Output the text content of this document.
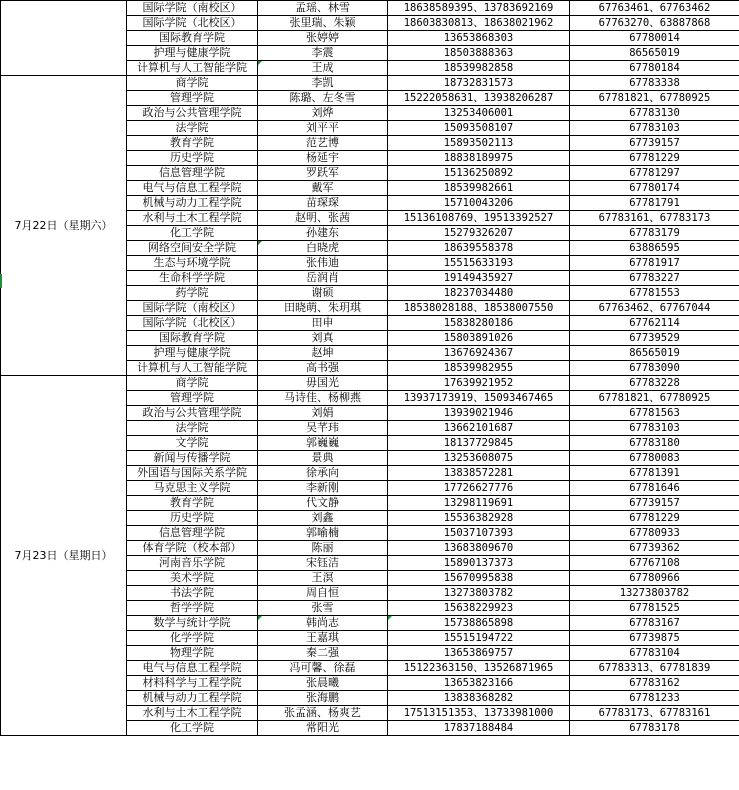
	国际学院（南校区）	孟瑶、林雪	18638589395、13783692169	67763461、67763462
	国际学院（北校区）	张里瑞、朱颖	18603830813、18638021962	67763270、63887868
	国际教育学院	张婷婷	13653868303	67780014
	护理与健康学院	李震	18503888363	86565019
	计算机与人工智能学院	王成	18539982858	67780184
7月22日（星期六）	商学院	李凯	18732831573	67783338
	管理学院	陈璐、左冬雪	15222058631、13938206287	67781821、67780925
	政治与公共管理学院	刘烨	13253406001	67783130
	法学院	刘平平	15093508107	67783103
	教育学院	范艺博	15893502113	67739157
	历史学院	杨延宇	18838189975	67781229
	信息管理学院	罗跃军	15136250892	67781297
	电气与信息工程学院	戴军	18539982661	67780174
	机械与动力工程学院	苗琛琛	15710043206	67781791
	水利与土木工程学院	赵明、张茜	15136108769、19513392527	67783161、67783173
	化工学院	孙建东	15279326207	67783179
	网络空间安全学院	白晓虎	18639558378	63886595
	生态与环境学院	张伟迪	15515633193	67781917
	生命科学学院	岳润肖	19149435927	67783227
	药学院	谢硕	18237034480	67781553
	国际学院（南校区）	田晓萌、朱玥琪	18538028188、18538007550	67763462、67767044
	国际学院（北校区）	田申	15838280186	67762114
	国际教育学院	刘真	15803891026	67739529
	护理与健康学院	赵坤	13676924367	86565019
	计算机与人工智能学院	高书强	18539982955	67783090
7月23日（星期日）	商学院	毋国光	17639921952	67783228
	管理学院	马诗佳、杨柳燕	13937173919、15093467465	67781821、67780925
	政治与公共管理学院	刘娟	13939021946	67781563
	法学院	吴芊玮	13662101687	67783103
	文学院	郭巍巍	18137729845	67783180
	新闻与传播学院	景典	13253608075	67780083
	外国语与国际关系学院	徐承向	13838572281	67781391
	马克思主义学院	李新刚	17726627776	67781646
	教育学院	代文静	13298119691	67739157
	历史学院	刘鑫	15536382928	67781229
	信息管理学院	郭喻楠	15037107393	67780933
	体育学院（校本部）	陈丽	13683809670	67739362
	河南音乐学院	宋钰洁	15890137373	67767108
	美术学院	王溟	15670995838	67780966
	书法学院	周自恒	13273803782	13273803782
	哲学学院	张雪	15638229923	67781525
	数学与统计学院	韩尚志	15738865898	67783167
	化学学院	王嘉琪	15515194722	67739875
	物理学院	秦二强	13653869757	67783104
	电气与信息工程学院	冯可馨、徐磊	15122363150、13526871965	67783313、67781839
	材料科学与工程学院	张晨曦	13653823166	67783162
	机械与动力工程学院	张海鹏	13838368282	67781233
	水利与土木工程学院	张孟涵、杨爽艺	17513151353、13733981000	67783173、67783161
	化工学院	常阳光	17837188484	67783178
